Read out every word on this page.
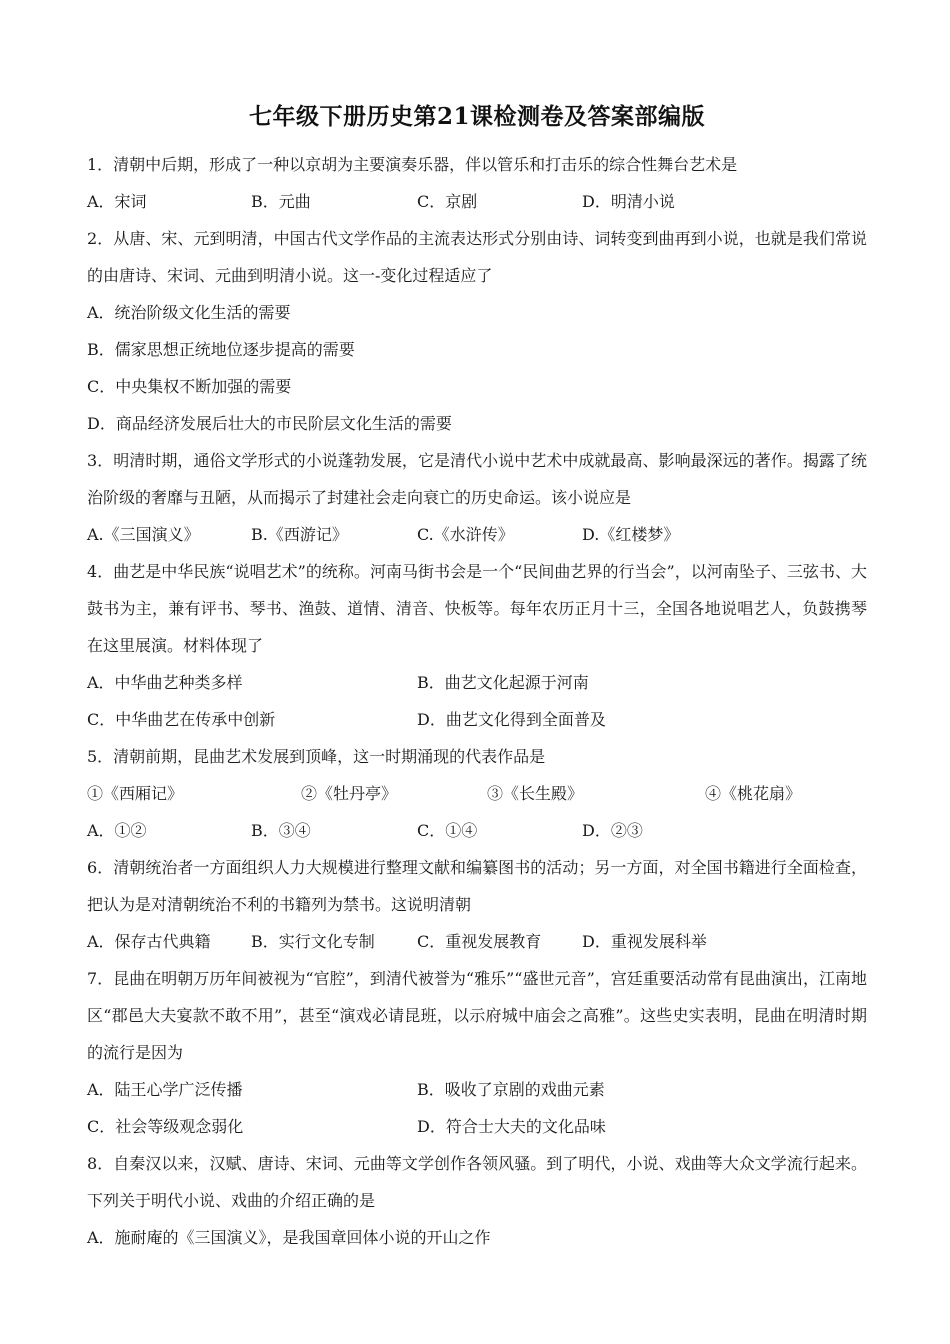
七年级下册历史第21课检测卷及答案部编版

1．清朝中后期，形成了一种以京胡为主要演奏乐器，伴以管乐和打击乐的综合性舞台艺术是

A．宋词	B．元曲	C．京剧	D．明清小说

2．从唐、宋、元到明清，中国古代文学作品的主流表达形式分别由诗、词转变到曲再到小说，也就是我们常说的由唐诗、宋词、元曲到明清小说。这一-变化过程适应了

A．统治阶级文化生活的需要
B．儒家思想正统地位逐步提高的需要
C．中央集权不断加强的需要
D．商品经济发展后壮大的市民阶层文化生活的需要

3．明清时期，通俗文学形式的小说蓬勃发展，它是清代小说中艺术中成就最高、影响最深远的著作。揭露了统治阶级的奢靡与丑陋，从而揭示了封建社会走向衰亡的历史命运。该小说应是

A.《三国演义》	B.《西游记》	C.《水浒传》	D.《红楼梦》

4．曲艺是中华民族“说唱艺术”的统称。河南马街书会是一个“民间曲艺界的行当会”，以河南坠子、三弦书、大鼓书为主，兼有评书、琴书、渔鼓、道情、清音、快板等。每年农历正月十三，全国各地说唱艺人，负鼓携琴在这里展演。材料体现了

A．中华曲艺种类多样	B．曲艺文化起源于河南
C．中华曲艺在传承中创新	D．曲艺文化得到全面普及

5．清朝前期，昆曲艺术发展到顶峰，这一时期涌现的代表作品是

①《西厢记》	②《牡丹亭》	③《长生殿》	④《桃花扇》
A．①②	B．③④	C．①④	D．②③

6．清朝统治者一方面组织人力大规模进行整理文献和编纂图书的活动；另一方面，对全国书籍进行全面检查，把认为是对清朝统治不利的书籍列为禁书。这说明清朝

A．保存古代典籍	B．实行文化专制	C．重视发展教育	D．重视发展科举

7．昆曲在明朝万历年间被视为“官腔”，到清代被誉为“雅乐”“盛世元音”，宫廷重要活动常有昆曲演出，江南地区“郡邑大夫宴款不敢不用”，甚至“演戏必请昆班，以示府城中庙会之高雅”。这些史实表明，昆曲在明清时期的流行是因为

A．陆王心学广泛传播	B．吸收了京剧的戏曲元素
C．社会等级观念弱化	D．符合士大夫的文化品味

8．自秦汉以来，汉赋、唐诗、宋词、元曲等文学创作各领风骚。到了明代，小说、戏曲等大众文学流行起来。下列关于明代小说、戏曲的介绍正确的是

A．施耐庵的《三国演义》，是我国章回体小说的开山之作
